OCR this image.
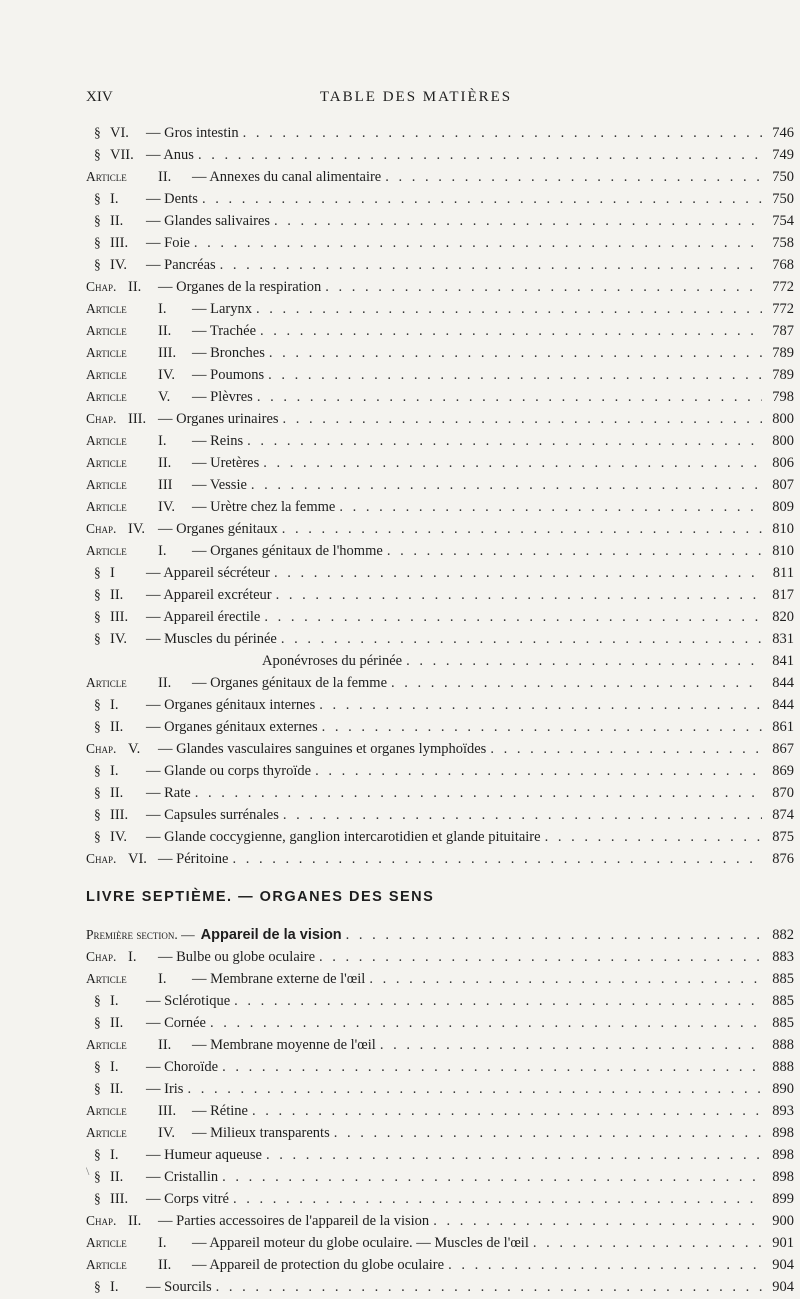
XIV	TABLE DES MATIÈRES
§ VI.	— Gros intestin . . .	746
§ VII. — Anus . . .	749
Article	II.	— Annexes du canal alimentaire . . .	750
§ I.	— Dents . . .	750
§ II.	— Glandes salivaires . . .	754
§ III.	— Foie . . .	758
§ IV.	— Pancréas . . .	768
Chap. II.	— Organes de la respiration . . .	772
Article	I.	— Larynx . . .	772
Article	II.	— Trachée . . .	787
Article	III.	— Bronches . . .	789
Article	IV.	— Poumons . . .	789
Article	V.	— Plèvres . . .	798
Chap. III. — Organes urinaires . . .	800
Article	I.	— Reins . . .	800
Article	II.	— Uretères . . .	806
Article	III	— Vessie . . .	807
Article	IV.	— Urètre chez la femme . . .	809
Chap. IV. — Organes génitaux . . .	810
Article	I.	— Organes génitaux de l'homme . . .	810
§ I	— Appareil sécréteur . . .	811
§ II.	— Appareil excréteur . . .	817
§ III.	— Appareil érectile . . .	820
§ IV.	— Muscles du périnée . . .	831
Aponévroses du périnée . . .	841
Article	II.	— Organes génitaux de la femme . . .	844
§ I.	— Organes génitaux internes . . .	844
§ II.	— Organes génitaux externes . . .	861
Chap. V.	— Glandes vasculaires sanguines et organes lymphoïdes . . .	867
§ I.	— Glande ou corps thyroïde . . .	869
§ II.	— Rate . . .	870
§ III.	— Capsules surrénales . . .	874
§ IV.	— Glande coccygienne, ganglion intercarotidien et glande pituitaire . . .	875
Chap. VI. — Péritoine . . .	876
LIVRE SEPTIÈME. — ORGANES DES SENS
Première section. — Appareil de la vision . . .	882
Chap. I.	— Bulbe ou globe oculaire . . .	883
Article	I.	— Membrane externe de l'œil . . .	885
§ I.	— Sclérotique . . .	885
§ II.	— Cornée . . .	885
Article	II.	— Membrane moyenne de l'œil . . .	888
§ I.	— Choroïde . . .	888
§ II.	— Iris . . .	890
Article	III.	— Rétine . . .	893
Article	IV.	— Milieux transparents . . .	898
§ I.	— Humeur aqueuse . . .	898
§ II.	— Cristallin . . .	898
§ III.	— Corps vitré . . .	899
Chap. II.	— Parties accessoires de l'appareil de la vision . . .	900
Article	I.	— Appareil moteur du globe oculaire. — Muscles de l'œil . . .	901
Article	II.	— Appareil de protection du globe oculaire . . .	904
§ I.	— Sourcils . . .	904
\
